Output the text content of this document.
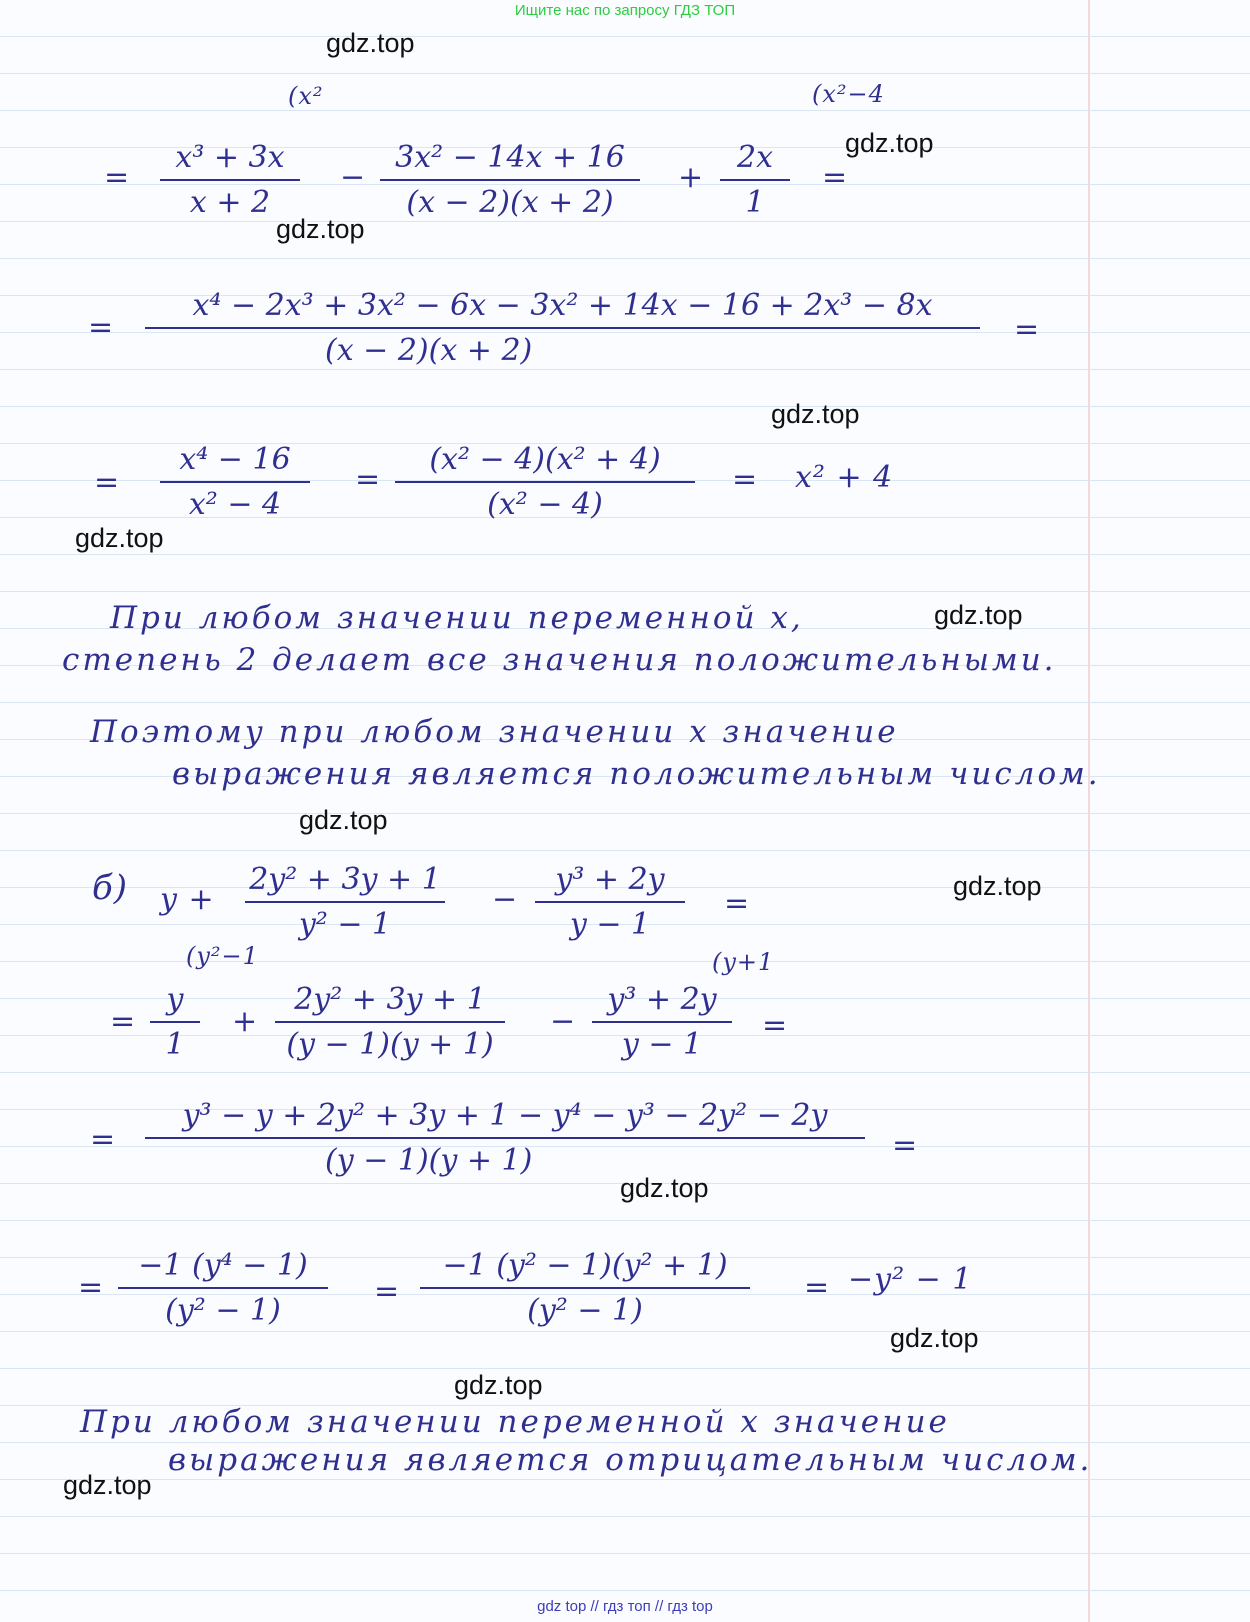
Ищите нас по запросу ГДЗ ТОП
gdz.top
gdz.top
gdz.top
gdz.top
gdz.top
gdz.top
gdz.top
gdz.top
gdz.top
gdz.top
gdz.top
gdz.top
(x²	(x²−4
=
x³ + 3x
x + 2
−
3x² − 14x + 16
(x − 2)(x + 2)
+
2x
1
=
=
x⁴ − 2x³ + 3x² − 6x − 3x² + 14x − 16 + 2x³ − 8x
(x − 2)(x + 2)
=
=
x⁴ − 16
x² − 4
=
(x² − 4)(x² + 4)
(x² − 4)
= x² + 4
При любом значении переменной x,
степень 2 делает все значения положительными.
Поэтому при любом значении x значение
выражения является положительным числом.
б) y +
2y² + 3y + 1
y² − 1
−
y³ + 2y
y − 1
=
(y²−1	(y+1
=
y
1
+
2y² + 3y + 1
(y − 1)(y + 1)
−
y³ + 2y
y − 1
=
=
y³ − y + 2y² + 3y + 1 − y⁴ − y³ − 2y² − 2y
(y − 1)(y + 1)	=
=
−1 (y⁴ − 1)
(y² − 1)
=
−1 (y² − 1)(y² + 1)
(y² − 1)
= −y² − 1
При любом значении переменной x значение
выражения является отрицательным числом.
gdz top // гдз топ // гдз top
